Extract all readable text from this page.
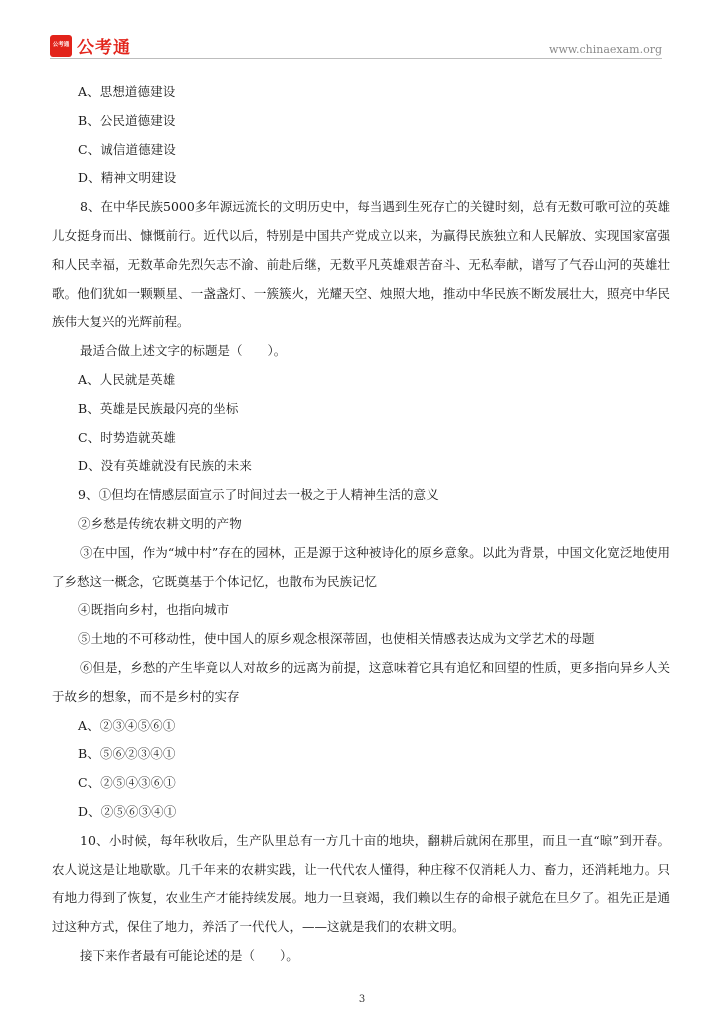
公考通 公考通	www.chinaexam.org
A、思想道德建设
B、公民道德建设
C、诚信道德建设
D、精神文明建设
8、在中华民族5000多年源远流长的文明历史中，每当遇到生死存亡的关键时刻，总有无数可歌可泣的英雄儿女挺身而出、慷慨前行。近代以后，特别是中国共产党成立以来，为赢得民族独立和人民解放、实现国家富强和人民幸福，无数革命先烈矢志不渝、前赴后继，无数平凡英雄艰苦奋斗、无私奉献，谱写了气吞山河的英雄壮歌。他们犹如一颗颗星、一盏盏灯、一簇簇火，光耀天空、烛照大地，推动中华民族不断发展壮大，照亮中华民族伟大复兴的光辉前程。
最适合做上述文字的标题是（　　）。
A、人民就是英雄
B、英雄是民族最闪亮的坐标
C、时势造就英雄
D、没有英雄就没有民族的未来
9、①但均在情感层面宣示了时间过去一极之于人精神生活的意义
②乡愁是传统农耕文明的产物
③在中国，作为“城中村”存在的园林，正是源于这种被诗化的原乡意象。以此为背景，中国文化宽泛地使用了乡愁这一概念，它既奠基于个体记忆，也散布为民族记忆
④既指向乡村，也指向城市
⑤土地的不可移动性，使中国人的原乡观念根深蒂固，也使相关情感表达成为文学艺术的母题
⑥但是，乡愁的产生毕竟以人对故乡的远离为前提，这意味着它具有追忆和回望的性质，更多指向异乡人关于故乡的想象，而不是乡村的实存
A、②③④⑤⑥①
B、⑤⑥②③④①
C、②⑤④③⑥①
D、②⑤⑥③④①
10、小时候，每年秋收后，生产队里总有一方几十亩的地块，翻耕后就闲在那里，而且一直“晾”到开春。农人说这是让地歇歇。几千年来的农耕实践，让一代代农人懂得，种庄稼不仅消耗人力、畜力，还消耗地力。只有地力得到了恢复，农业生产才能持续发展。地力一旦衰竭，我们赖以生存的命根子就危在旦夕了。祖先正是通过这种方式，保住了地力，养活了一代代人，——这就是我们的农耕文明。
接下来作者最有可能论述的是（　　）。
3
